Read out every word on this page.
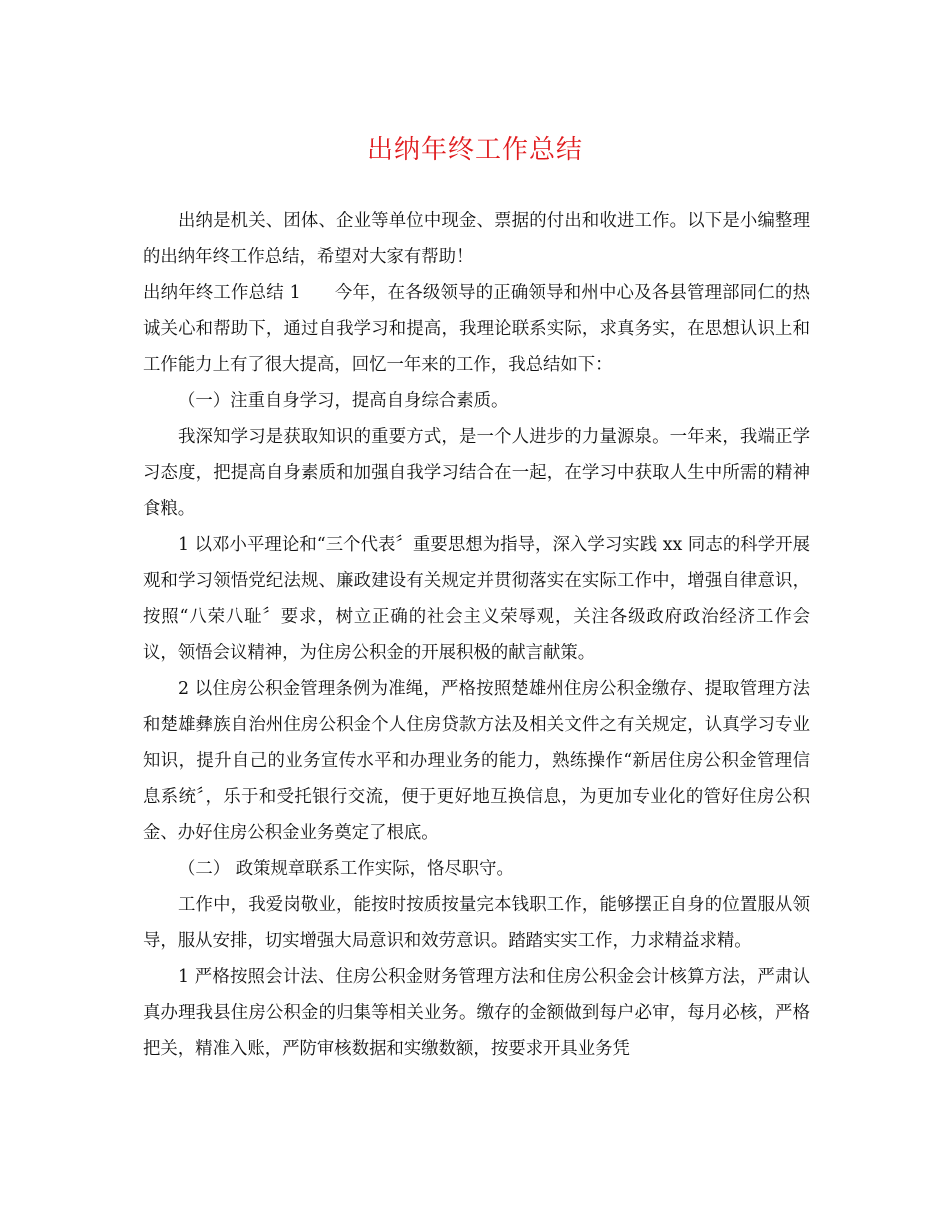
出纳年终工作总结

出纳是机关、团体、企业等单位中现金、票据的付出和收进工作。以下是小编整理的出纳年终工作总结，希望对大家有帮助！

出纳年终工作总结 1 今年，在各级领导的正确领导和州中心及各县管理部同仁的热诚关心和帮助下，通过自我学习和提高，我理论联系实际，求真务实，在思想认识上和工作能力上有了很大提高，回忆一年来的工作，我总结如下：

（一）注重自身学习，提高自身综合素质。

我深知学习是获取知识的重要方式，是一个人进步的力量源泉。一年来，我端正学习态度，把提高自身素质和加强自我学习结合在一起，在学习中获取人生中所需的精神食粮。

1 以邓小平理论和“三个代表〞重要思想为指导，深入学习实践 xx 同志的科学开展观和学习领悟党纪法规、廉政建设有关规定并贯彻落实在实际工作中，增强自律意识，按照“八荣八耻〞要求，树立正确的社会主义荣辱观，关注各级政府政治经济工作会议，领悟会议精神，为住房公积金的开展积极的献言献策。

2 以住房公积金管理条例为准绳，严格按照楚雄州住房公积金缴存、提取管理方法和楚雄彝族自治州住房公积金个人住房贷款方法及相关文件之有关规定，认真学习专业知识，提升自己的业务宣传水平和办理业务的能力，熟练操作“新居住房公积金管理信息系统〞，乐于和受托银行交流，便于更好地互换信息，为更加专业化的管好住房公积金、办好住房公积金业务奠定了根底。

（二） 政策规章联系工作实际，恪尽职守。

工作中，我爱岗敬业，能按时按质按量完本钱职工作，能够摆正自身的位置服从领导，服从安排，切实增强大局意识和效劳意识。踏踏实实工作，力求精益求精。

1 严格按照会计法、住房公积金财务管理方法和住房公积金会计核算方法，严肃认真办理我县住房公积金的归集等相关业务。缴存的金额做到每户必审，每月必核，严格把关，精准入账，严防审核数据和实缴数额，按要求开具业务凭
